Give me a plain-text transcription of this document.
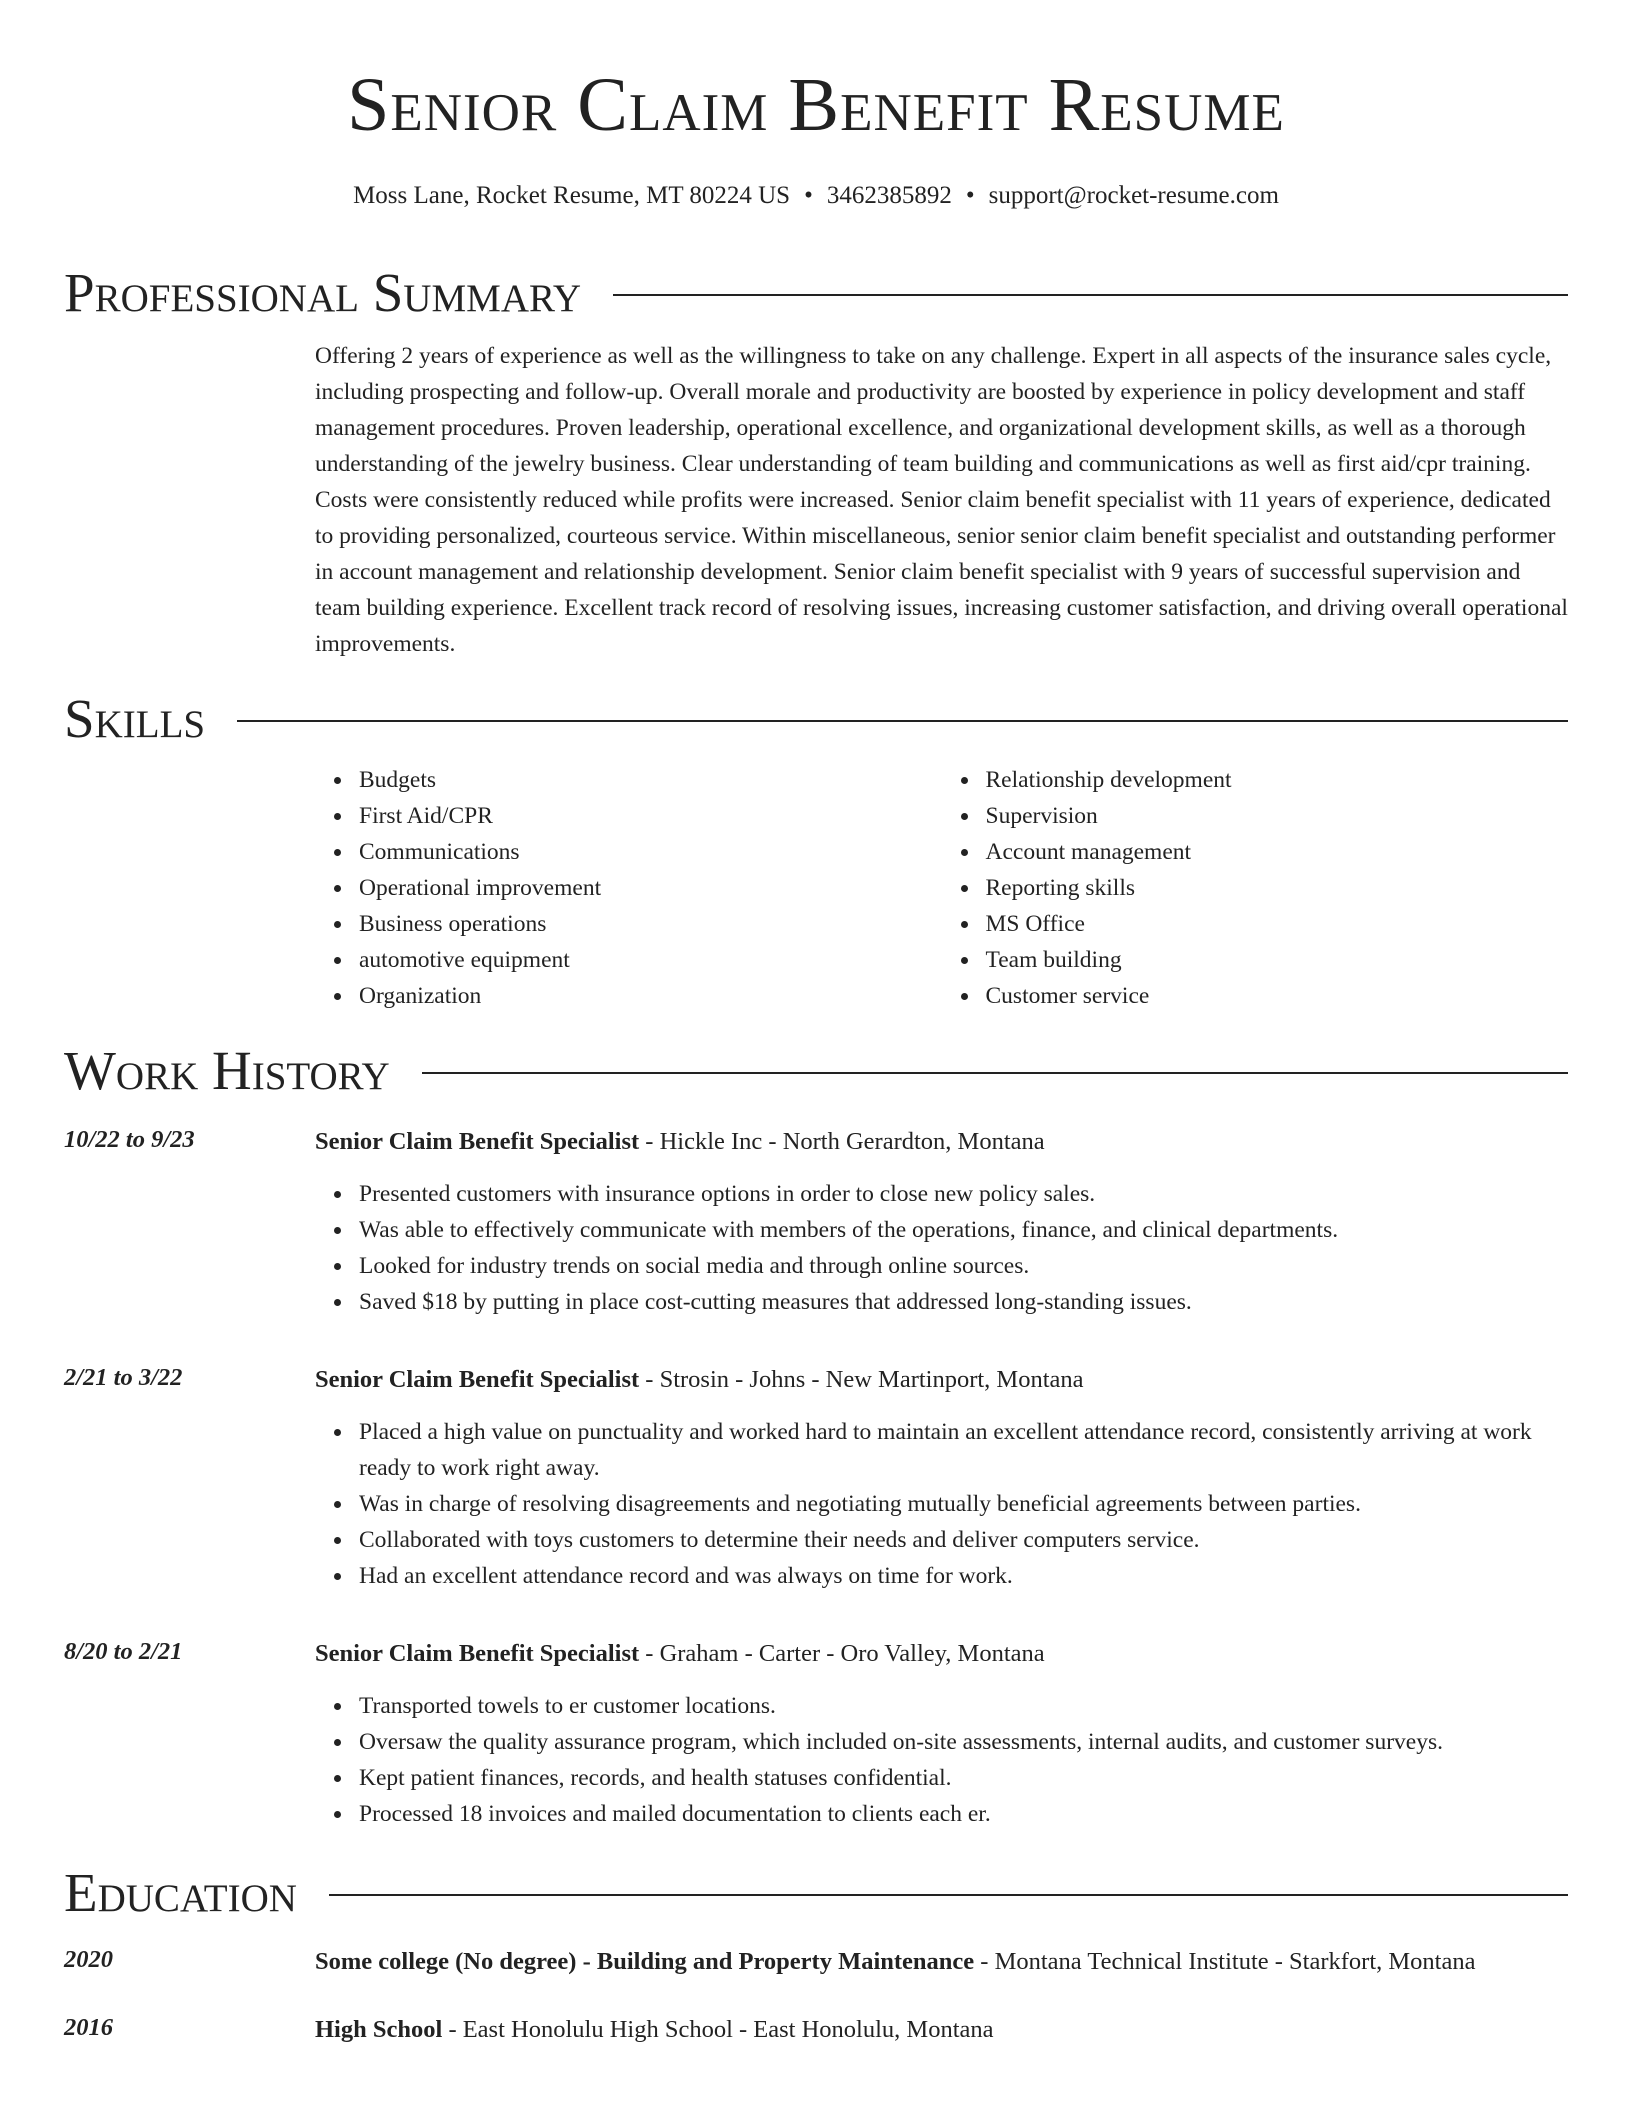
Senior Claim Benefit Resume
Moss Lane, Rocket Resume, MT 80224 US • 3462385892 • support@rocket-resume.com
Professional Summary

Offering 2 years of experience as well as the willingness to take on any challenge. Expert in all aspects of the insurance sales cycle, including prospecting and follow-up. Overall morale and productivity are boosted by experience in policy development and staff management procedures. Proven leadership, operational excellence, and organizational development skills, as well as a thorough understanding of the jewelry business. Clear understanding of team building and communications as well as first aid/cpr training. Costs were consistently reduced while profits were increased. Senior claim benefit specialist with 11 years of experience, dedicated to providing personalized, courteous service. Within miscellaneous, senior senior claim benefit specialist and outstanding performer in account management and relationship development. Senior claim benefit specialist with 9 years of successful supervision and team building experience. Excellent track record of resolving issues, increasing customer satisfaction, and driving overall operational improvements.

Skills
Budgets
First Aid/CPR
Communications
Operational improvement
Business operations
automotive equipment
Organization
Relationship development
Supervision
Account management
Reporting skills
MS Office
Team building
Customer service
Work History
10/22 to 9/23	Senior Claim Benefit Specialist - Hickle Inc - North Gerardton, Montana
Presented customers with insurance options in order to close new policy sales.
Was able to effectively communicate with members of the operations, finance, and clinical departments.
Looked for industry trends on social media and through online sources.
Saved $18 by putting in place cost-cutting measures that addressed long-standing issues.
2/21 to 3/22	Senior Claim Benefit Specialist - Strosin - Johns - New Martinport, Montana
Placed a high value on punctuality and worked hard to maintain an excellent attendance record, consistently arriving at work ready to work right away.
Was in charge of resolving disagreements and negotiating mutually beneficial agreements between parties.
Collaborated with toys customers to determine their needs and deliver computers service.
Had an excellent attendance record and was always on time for work.
8/20 to 2/21	Senior Claim Benefit Specialist - Graham - Carter - Oro Valley, Montana
Transported towels to er customer locations.
Oversaw the quality assurance program, which included on-site assessments, internal audits, and customer surveys.
Kept patient finances, records, and health statuses confidential.
Processed 18 invoices and mailed documentation to clients each er.
Education
2020	Some college (No degree) - Building and Property Maintenance - Montana Technical Institute - Starkfort, Montana
2016	High School - East Honolulu High School - East Honolulu, Montana
